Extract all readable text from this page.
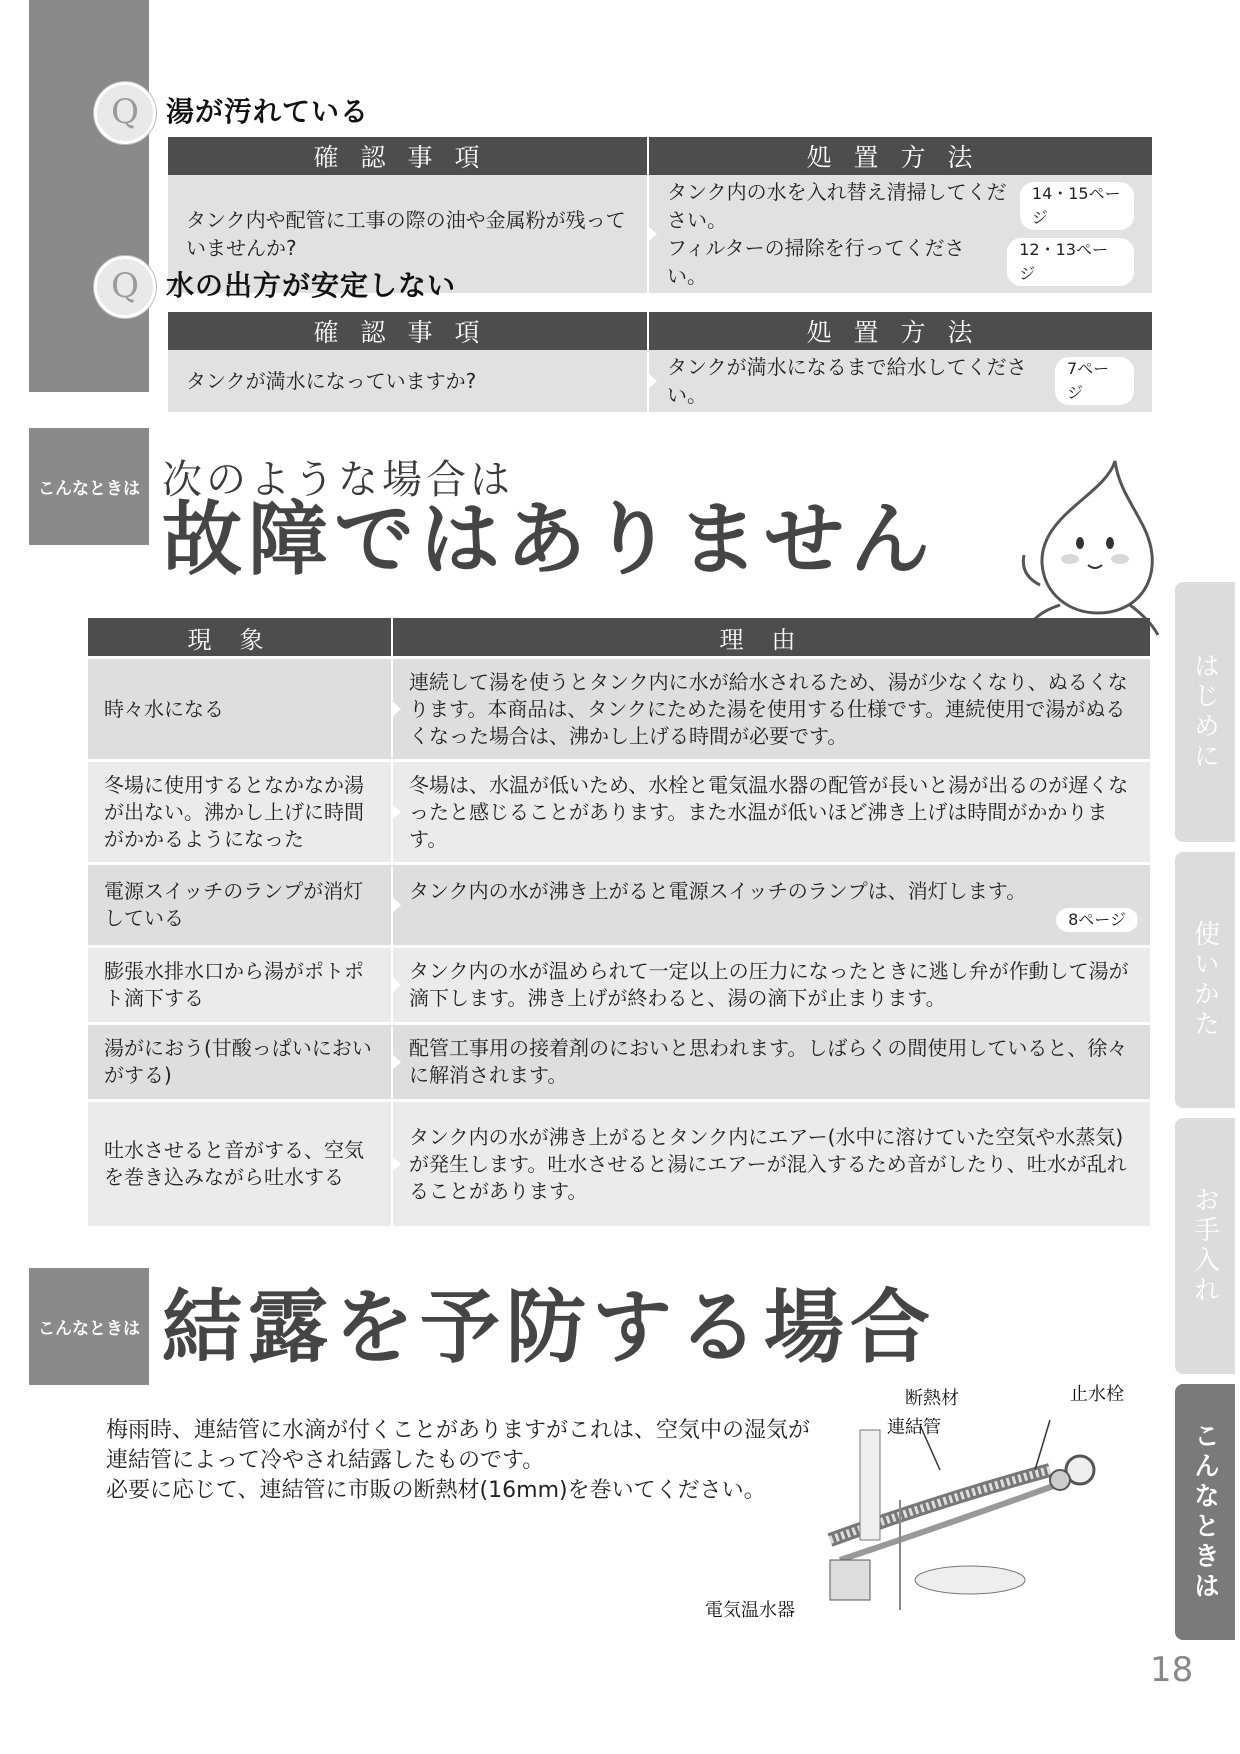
Q 湯が汚れている
確認事項	処置方法
タンク内や配管に工事の際の油や金属粉が残っていませんか?	タンク内の水を入れ替え清掃してください。
14・15ページ
フィルターの掃除を行ってください。
12・13ページ
Q 水の出方が安定しない
確認事項	処置方法
タンクが満水になっていますか?	タンクが満水になるまで給水してください。
7ページ
こんなときは 次のような場合は
故障ではありません
現象	理由
時々水になる	連続して湯を使うとタンク内に水が給水されるため、湯が少なくなり、ぬるくなります。本商品は、タンクにためた湯を使用する仕様です。連続使用で湯がぬるくなった場合は、沸かし上げる時間が必要です。
冬場に使用するとなかなか湯が出ない。沸かし上げに時間がかかるようになった	冬場は、水温が低いため、水栓と電気温水器の配管が長いと湯が出るのが遅くなったと感じることがあります。また水温が低いほど沸き上げは時間がかかります。
電源スイッチのランプが消灯している	タンク内の水が沸き上がると電源スイッチのランプは、消灯します。
8ページ

膨張水排水口から湯がポトポト滴下する	タンク内の水が温められて一定以上の圧力になったときに逃し弁が作動して湯が滴下します。沸き上げが終わると、湯の滴下が止まります。
湯がにおう(甘酸っぱいにおいがする)	配管工事用の接着剤のにおいと思われます。しばらくの間使用していると、徐々に解消されます。
吐水させると音がする、空気を巻き込みながら吐水する	タンク内の水が沸き上がるとタンク内にエアー(水中に溶けていた空気や水蒸気)が発生します。吐水させると湯にエアーが混入するため音がしたり、吐水が乱れることがあります。
こんなときは 結露を予防する場合
梅雨時、連結管に水滴が付くことがありますがこれは、空気中の湿気が
連結管によって冷やされ結露したものです。
必要に応じて、連結管に市販の断熱材(16mm)を巻いてください。
断熱材
連結管
止水栓
電気温水器
はじめに
使いかた
お手入れ
こんなときは
18
